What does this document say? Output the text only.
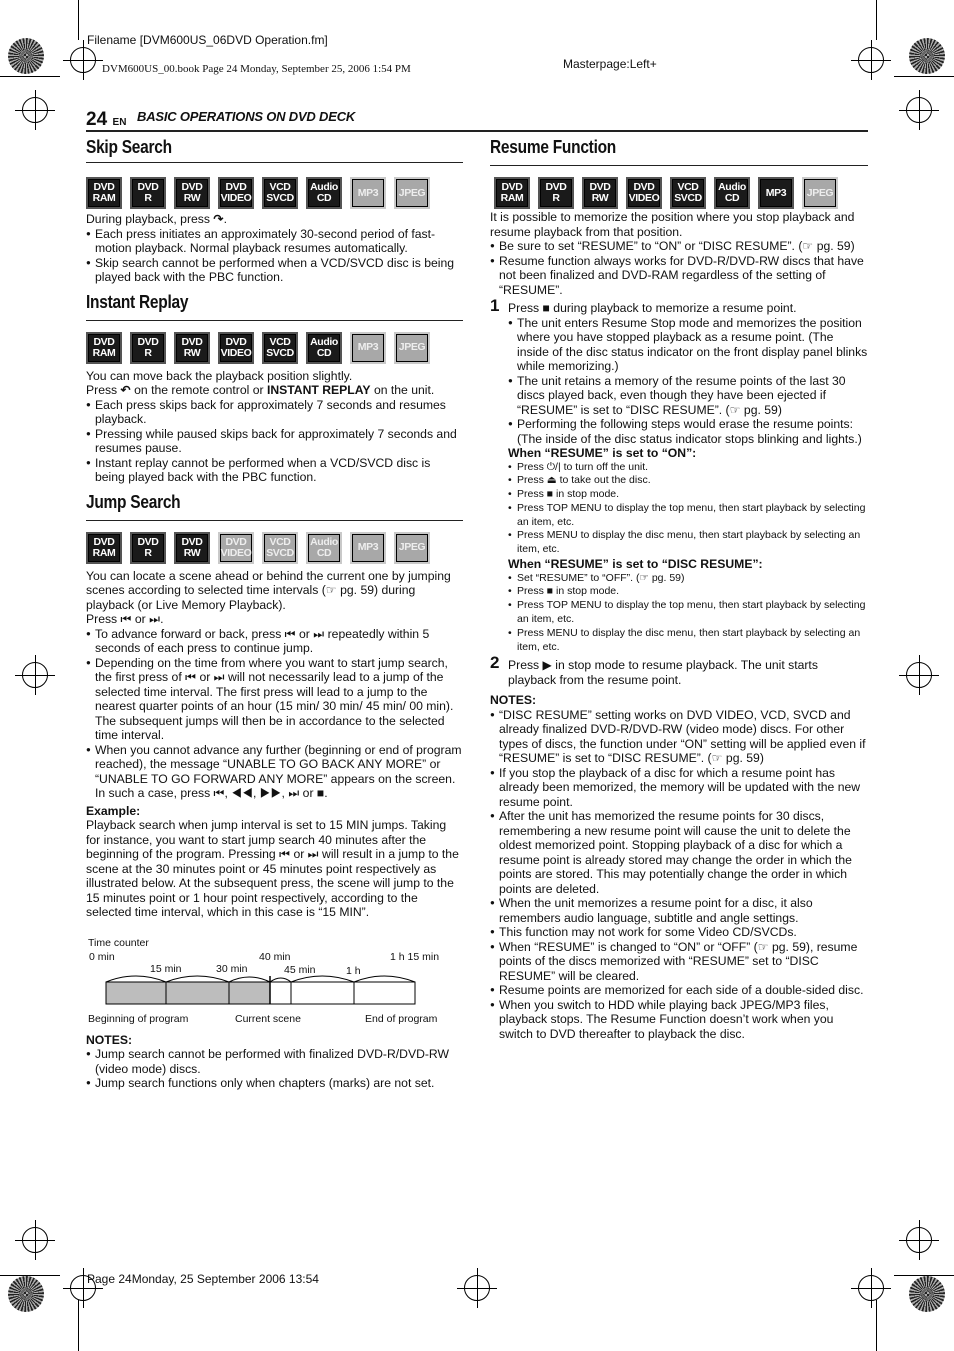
Filename [DVM600US_06DVD Operation.fm]
DVM600US_00.book Page 24 Monday, September 25, 2006 1:54 PM	Masterpage:Left+
24 EN BASIC OPERATIONS ON DVD DECK
Skip Search
DVD
RAM
DVD
R
DVD
RW
DVD
VIDEO
VCD
SVCD
Audio
CD	MP3	JPEG

During playback, press ↷.

● Each press initiates an approximately 30-second period of fast-motion playback. Normal playback resumes automatically.

● Skip search cannot be performed when a VCD/SVCD disc is being played back with the PBC function.

Instant Replay
DVD
RAM
DVD
R
DVD
RW
DVD
VIDEO
VCD
SVCD
Audio
CD	MP3	JPEG

You can move back the playback position slightly.

Press ↶ on the remote control or INSTANT REPLAY on the unit.

● Each press skips back for approximately 7 seconds and resumes playback.

● Pressing while paused skips back for approximately 7 seconds and resumes pause.

● Instant replay cannot be performed when a VCD/SVCD disc is being played back with the PBC function.

Jump Search
DVD
RAM
DVD
R
DVD
RW
DVD
VIDEO
VCD
SVCD
Audio
CD	MP3	JPEG

You can locate a scene ahead or behind the current one by jumping scenes according to selected time intervals (☞ pg. 59) during playback (or Live Memory Playback).

Press ⏮ or ⏭.

● To advance forward or back, press ⏮ or ⏭ repeatedly within 5 seconds of each press to continue jump.

● Depending on the time from where you want to start jump search, the first press of ⏮ or ⏭ will not necessarily lead to a jump of the selected time interval. The first press will lead to a jump to the nearest quarter points of an hour (15 min/ 30 min/ 45 min/ 00 min). The subsequent jumps will then be in accordance to the selected time interval.

● When you cannot advance any further (beginning or end of program reached), the message “UNABLE TO GO BACK ANY MORE” or “UNABLE TO GO FORWARD ANY MORE” appears on the screen. In such a case, press ⏮, ◀◀, ▶▶, ⏭ or ■.

Example:

Playback search when jump interval is set to 15 MIN jumps. Taking for instance, you want to start jump search 40 minutes after the beginning of the program. Pressing ⏮ or ⏭ will result in a jump to the scene at the 30 minutes point or 45 minutes point respectively as illustrated below. At the subsequent press, the scene will jump to the 15 minutes point or 1 hour point respectively, according to the selected time interval, which in this case is “15 MIN”.

Time counter
0 min	40 min	1 h 15 min
15 min	30 min	45 min	1 h
Beginning of program	Current scene	End of program

NOTES:

● Jump search cannot be performed with finalized DVD-R/DVD-RW (video mode) discs.

● Jump search functions only when chapters (marks) are not set.

Resume Function
DVD
RAM
DVD
R
DVD
RW
DVD
VIDEO
VCD
SVCD
Audio
CD	MP3	JPEG

It is possible to memorize the position where you stop playback and resume playback from that position.

● Be sure to set “RESUME” to “ON” or “DISC RESUME”. (☞ pg. 59)

● Resume function always works for DVD-R/DVD-RW discs that have not been finalized and DVD-RAM regardless of the setting of “RESUME”.

1 Press ■ during playback to memorize a resume point.

● The unit enters Resume Stop mode and memorizes the position where you have stopped playback as a resume point. (The inside of the disc status indicator on the front display panel blinks while memorizing.)

● The unit retains a memory of the resume points of the last 30 discs played back, even though they have been ejected if “RESUME” is set to “DISC RESUME”. (☞ pg. 59)

● Performing the following steps would erase the resume points: (The inside of the disc status indicator stops blinking and lights.)

When “RESUME” is set to “ON”:

• Press ⏻/| to turn off the unit.

• Press ⏏ to take out the disc.

• Press ■ in stop mode.

• Press TOP MENU to display the top menu, then start playback by selecting an item, etc.

• Press MENU to display the disc menu, then start playback by selecting an item, etc.

When “RESUME” is set to “DISC RESUME”:

• Set “RESUME” to “OFF”. (☞ pg. 59)

• Press ■ in stop mode.

• Press TOP MENU to display the top menu, then start playback by selecting an item, etc.

• Press MENU to display the disc menu, then start playback by selecting an item, etc.

2 Press ▶ in stop mode to resume playback. The unit starts playback from the resume point.

NOTES:

● “DISC RESUME” setting works on DVD VIDEO, VCD, SVCD and already finalized DVD-R/DVD-RW (video mode) discs. For other types of discs, the function under “ON” setting will be applied even if “RESUME” is set to “DISC RESUME”. (☞ pg. 59)

● If you stop the playback of a disc for which a resume point has already been memorized, the memory will be updated with the new resume point.

● After the unit has memorized the resume points for 30 discs, remembering a new resume point will cause the unit to delete the oldest memorized point. Stopping playback of a disc for which a resume point is already stored may change the order in which the points are stored. This may potentially change the order in which points are deleted.

● When the unit memorizes a resume point for a disc, it also remembers audio language, subtitle and angle settings.

● This function may not work for some Video CD/SVCDs.

● When “RESUME” is changed to “ON” or “OFF” (☞ pg. 59), resume points of the discs memorized with “RESUME” set to “DISC RESUME” will be cleared.

● Resume points are memorized for each side of a double-sided disc.

● When you switch to HDD while playing back JPEG/MP3 files, playback stops. The Resume Function doesn’t work when you switch to DVD thereafter to playback the disc.

Page 24Monday, 25 September 2006 13:54
